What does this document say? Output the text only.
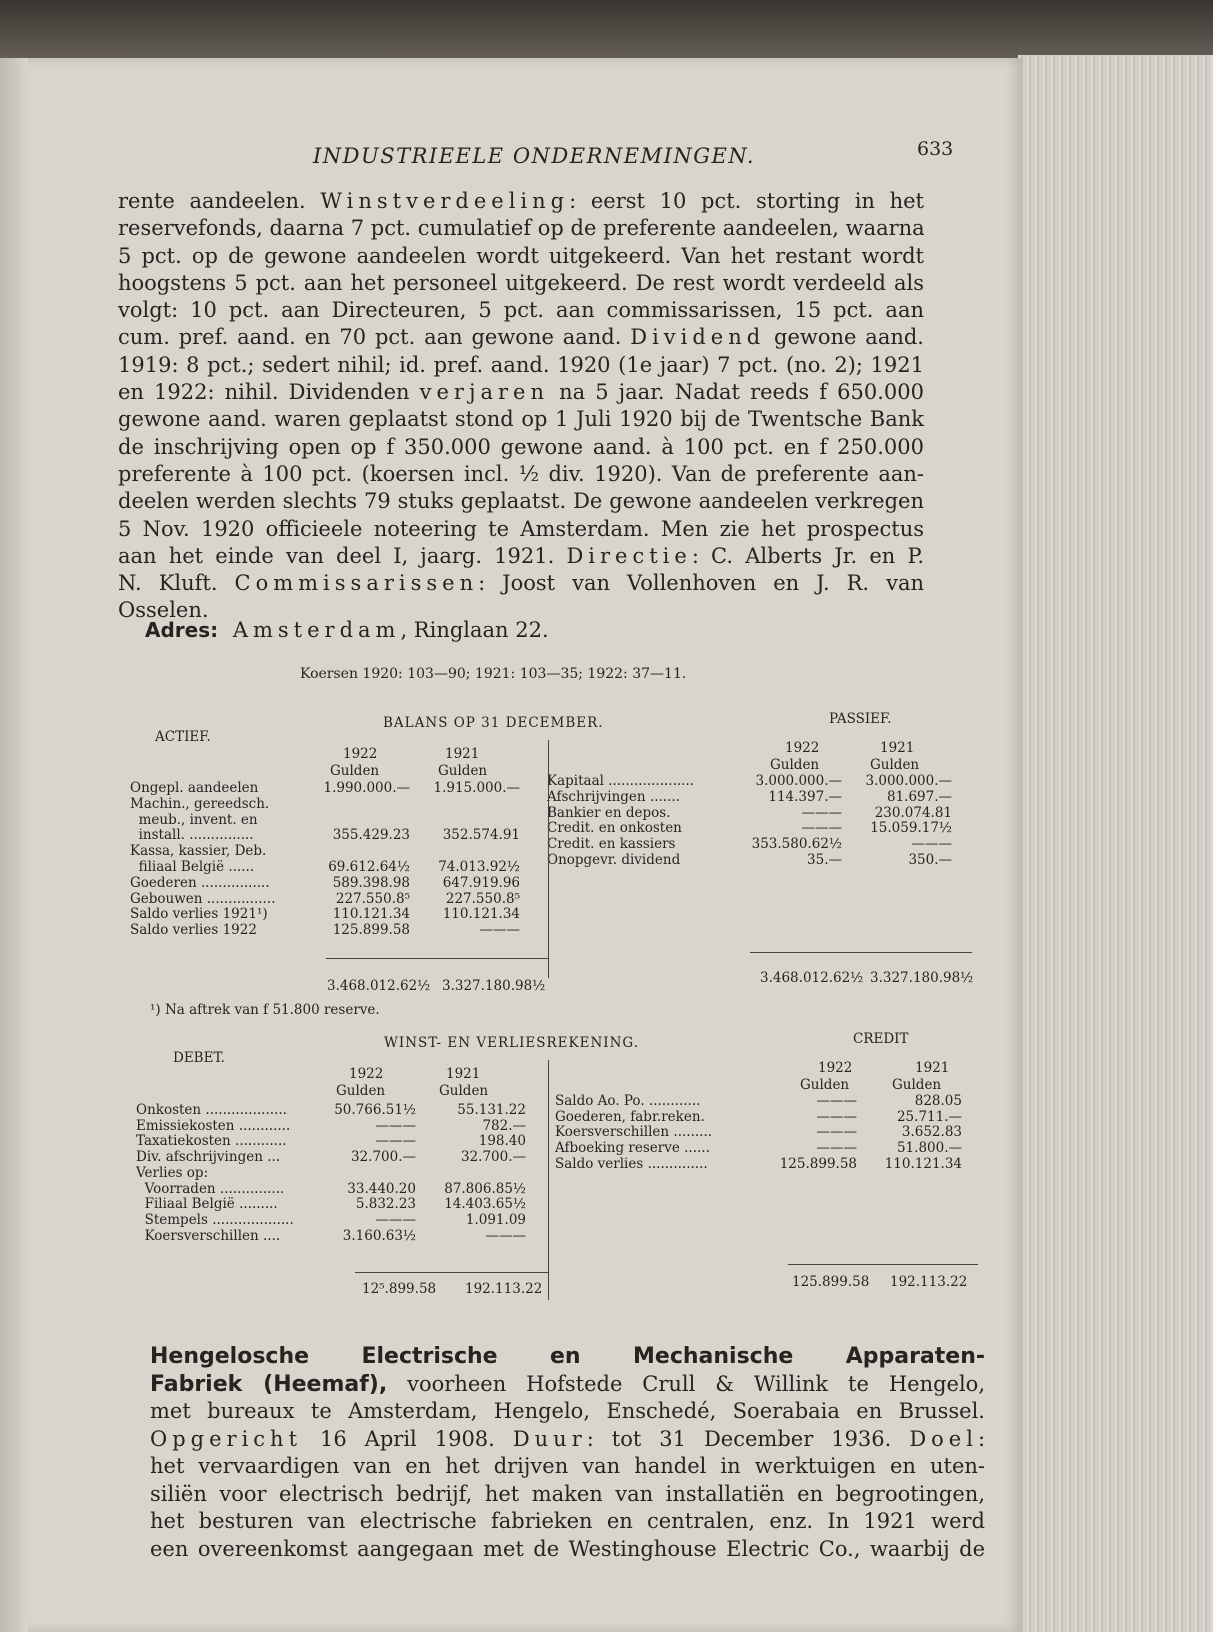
INDUSTRIEELE ONDERNEMINGEN.	633
rente aandeelen. Winstverdeeling: eerst 10 pct. storting in het
reservefonds, daarna 7 pct. cumulatief op de preferente aandeelen, waarna
5 pct. op de gewone aandeelen wordt uitgekeerd. Van het restant wordt
hoogstens 5 pct. aan het personeel uitgekeerd. De rest wordt verdeeld als
volgt: 10 pct. aan Directeuren, 5 pct. aan commissarissen, 15 pct. aan
cum. pref. aand. en 70 pct. aan gewone aand. Dividend gewone aand.
1919: 8 pct.; sedert nihil; id. pref. aand. 1920 (1e jaar) 7 pct. (no. 2); 1921
en 1922: nihil. Dividenden verjaren na 5 jaar. Nadat reeds f 650.000
gewone aand. waren geplaatst stond op 1 Juli 1920 bij de Twentsche Bank
de inschrijving open op f 350.000 gewone aand. à 100 pct. en f 250.000
preferente à 100 pct. (koersen incl. ½ div. 1920). Van de preferente aan-
deelen werden slechts 79 stuks geplaatst. De gewone aandeelen verkregen
5 Nov. 1920 officieele noteering te Amsterdam. Men zie het prospectus
aan het einde van deel I, jaarg. 1921. Directie: C. Alberts Jr. en P.
N. Kluft. Commissarissen: Joost van Vollenhoven en J. R. van
Osselen.
Adres: Amsterdam, Ringlaan 22.
Koersen 1920: 103—90; 1921: 103—35; 1922: 37—11.
ACTIEF.
BALANS OP 31 DECEMBER.	PASSIEF.
1922	1921
Gulden	Gulden
1922	1921
Gulden	Gulden
Ongepl. aandeelen	1.990.000.—	1.915.000.—
Machin., gereedsch.
meub., invent. en
install. ...............	355.429.23	352.574.91
Kassa, kassier, Deb.
filiaal België ......	69.612.64½	74.013.92½
Goederen ................	589.398.98	647.919.96
Gebouwen ................	227.550.8⁵	227.550.8⁵
Saldo verlies 1921¹)	110.121.34	110.121.34
Saldo verlies 1922	125.899.58	———
Kapitaal ....................	3.000.000.—	3.000.000.—
Afschrijvingen .......	114.397.—	81.697.—
Bankier en depos.	———	230.074.81
Credit. en onkosten	———	15.059.17½
Credit. en kassiers	353.580.62½	———
Onopgevr. dividend	35.—	350.—
3.468.012.62½ 3.327.180.98½	3.468.012.62½ 3.327.180.98½
¹) Na aftrek van f 51.800 reserve.
DEBET.
WINST- EN VERLIESREKENING.	CREDIT
1922	1921
Gulden	Gulden
1922	1921
Gulden	Gulden
Onkosten ...................	50.766.51½	55.131.22
Emissiekosten ............	———	782.—
Taxatiekosten ............	———	198.40
Div. afschrijvingen ...	32.700.—	32.700.—
Verlies op:
Voorraden ...............	33.440.20	87.806.85½
Filiaal België .........	5.832.23	14.403.65½
Stempels ...................	———	1.091.09
Koersverschillen ....	3.160.63½	———
Saldo Ao. Po. ............	———	828.05
Goederen, fabr.reken.	———	25.711.—
Koersverschillen .........	———	3.652.83
Afboeking reserve ......	———	51.800.—
Saldo verlies ..............	125.899.58	110.121.34
12⁵.899.58 192.113.22	125.899.58 192.113.22
Hengelosche Electrische en Mechanische Apparaten-
Fabriek (Heemaf), voorheen Hofstede Crull & Willink te Hengelo,
met bureaux te Amsterdam, Hengelo, Enschedé, Soerabaia en Brussel.
Opgericht 16 April 1908. Duur: tot 31 December 1936. Doel:
het vervaardigen van en het drijven van handel in werktuigen en uten-
siliën voor electrisch bedrijf, het maken van installatiën en begrootingen,
het besturen van electrische fabrieken en centralen, enz. In 1921 werd
een overeenkomst aangegaan met de Westinghouse Electric Co., waarbij de
